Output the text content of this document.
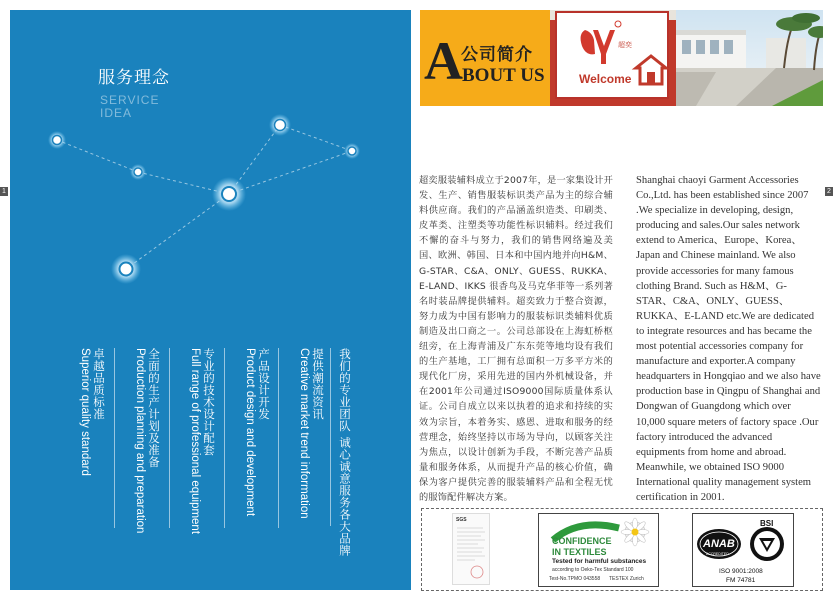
服务理念
SERVICE
IDEA
我们的专业团队 诚心诚意服务各大品牌
提供潮流资讯
Creative market trend information
产品设计开发
Product design and development
专业的技术设计配套
Full range of professional equipment
全面的生产计划及准备
Production planning and preparation
卓越品质标准
Superior quality standard
1	2
A
公司简介
BOUT US
超奕
Welcome
超奕服装辅料成立于2007年，是一家集设计开发、生产、销售服装标识类产品为主的综合辅料供应商。我们的产品涵盖织造类、印刷类、皮革类、注塑类等功能性标识辅料。经过我们不懈的奋斗与努力，我们的销售网络遍及美国、欧洲、韩国、日本和中国内地并向H&M、G-STAR、C&A、ONLY、GUESS、RUKKA、E-LAND、IKKS 很香鸟及马克华菲等一系列著名时装品牌提供辅料。超奕致力于整合资源，努力成为中国有影响力的服装标识类辅料优质制造及出口商之一。公司总部设在上海虹桥枢纽旁，在上海青浦及广东东莞等地均设有我们的生产基地，工厂拥有总面积一万多平方米的现代化厂房，采用先进的国内外机械设备，并在2001年公司通过ISO9000国际质量体系认证。公司自成立以来以执着的追求和持续的实效为宗旨，本着务实、感恩、进取和服务的经营理念，始终坚持以市场为导向，以顾客关注为焦点，以设计创新为手段，不断完善产品质量和服务体系，从而提升产品的核心价值，确保为客户提供完善的服装辅料产品和全程无忧的服饰配件解决方案。
Shanghai chaoyi Garment Accessories Co.,Ltd. has been established since 2007 .We specialize in developing, design, producing and sales.Our sales network extend to America、Europe、Korea、Japan and Chinese mainland. We also provide accessories for many famous clothing Brand. Such as H&M、G-STAR、C&A、ONLY、GUESS、RUKKA、E-LAND etc.We are dedicated to integrate resources and has became the most potential accessories company for manufacture and exporter.A company headquarters in Hongqiao and we also have production base in Qingpu of Shanghai and Dongwan of Guangdong which over 10,000 square meters of factory space .Our factory introduced the advanced equipments from home and abroad. Meanwhile, we obtained ISO 9000 International quality management system certification in 2001.
SGS
CONFIDENCE
IN TEXTILES
Tested for harmful substances
according to Oeko-Tex Standard 100
Test-No.TPMO 043558 TESTEX Zurich
ANAB
ACCREDITED
BSI
ISO 9001:2008
FM 74781
